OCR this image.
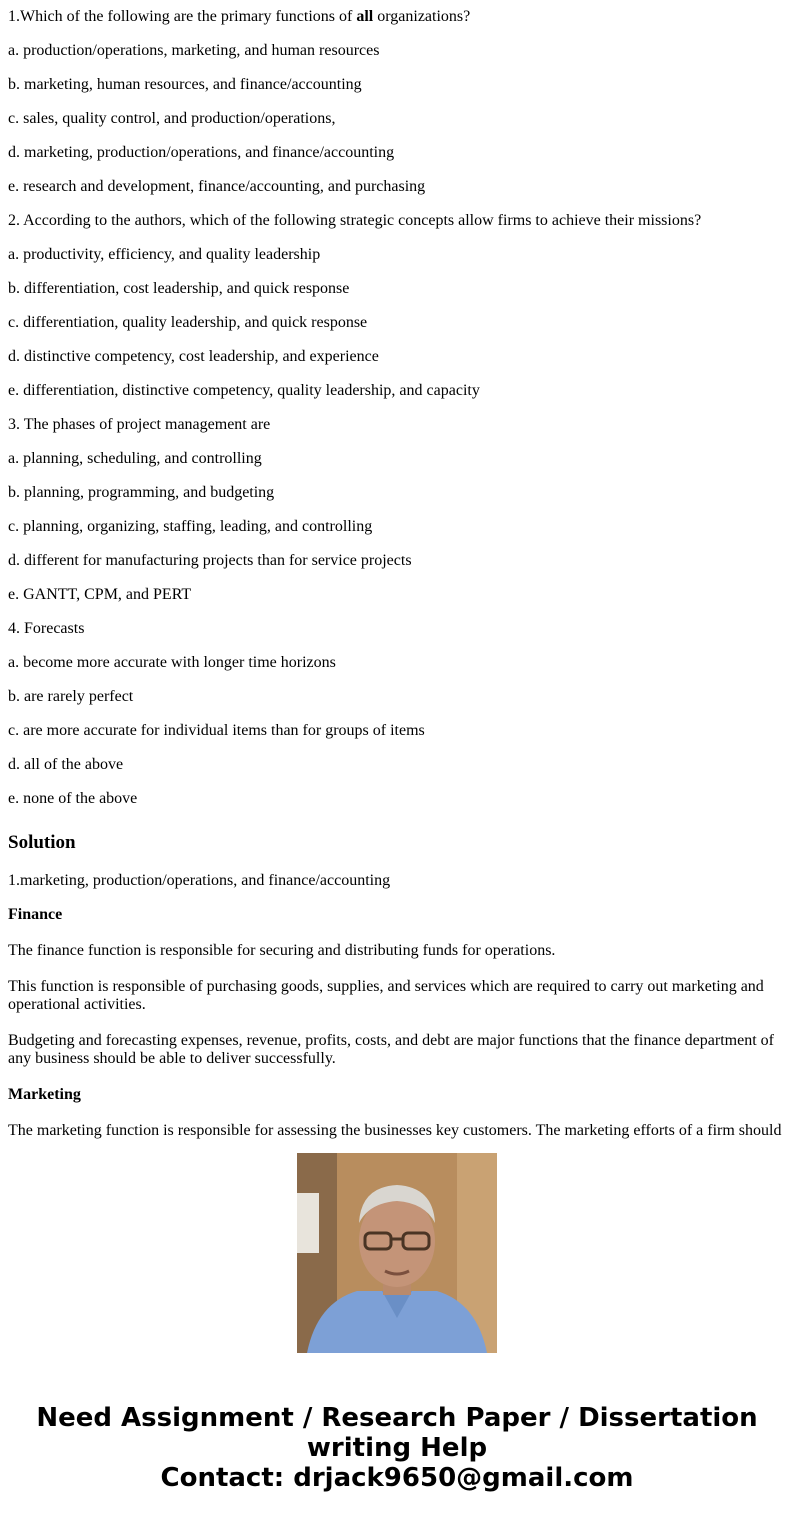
1.Which of the following are the primary functions of all organizations?
a. production/operations, marketing, and human resources
b. marketing, human resources, and finance/accounting
c. sales, quality control, and production/operations,
d. marketing, production/operations, and finance/accounting
e. research and development, finance/accounting, and purchasing
2. According to the authors, which of the following strategic concepts allow firms to achieve their missions?
a. productivity, efficiency, and quality leadership
b. differentiation, cost leadership, and quick response
c. differentiation, quality leadership, and quick response
d. distinctive competency, cost leadership, and experience
e. differentiation, distinctive competency, quality leadership, and capacity
3. The phases of project management are
a. planning, scheduling, and controlling
b. planning, programming, and budgeting
c. planning, organizing, staffing, leading, and controlling
d. different for manufacturing projects than for service projects
e. GANTT, CPM, and PERT
4. Forecasts
a. become more accurate with longer time horizons
b. are rarely perfect
c. are more accurate for individual items than for groups of items
d. all of the above
e. none of the above
Solution

1.marketing, production/operations, and finance/accounting

Finance

The finance function is responsible for securing and distributing funds for operations.

This function is responsible of purchasing goods, supplies, and services which are required to carry out marketing and operational activities.

Budgeting and forecasting expenses, revenue, profits, costs, and debt are major functions that the finance department of any business should be able to deliver successfully.

Marketing

The marketing function is responsible for assessing the businesses key customers. The marketing efforts of a firm should

Need Assignment / Research Paper / Dissertation
writing Help
Contact: drjack9650@gmail.com
